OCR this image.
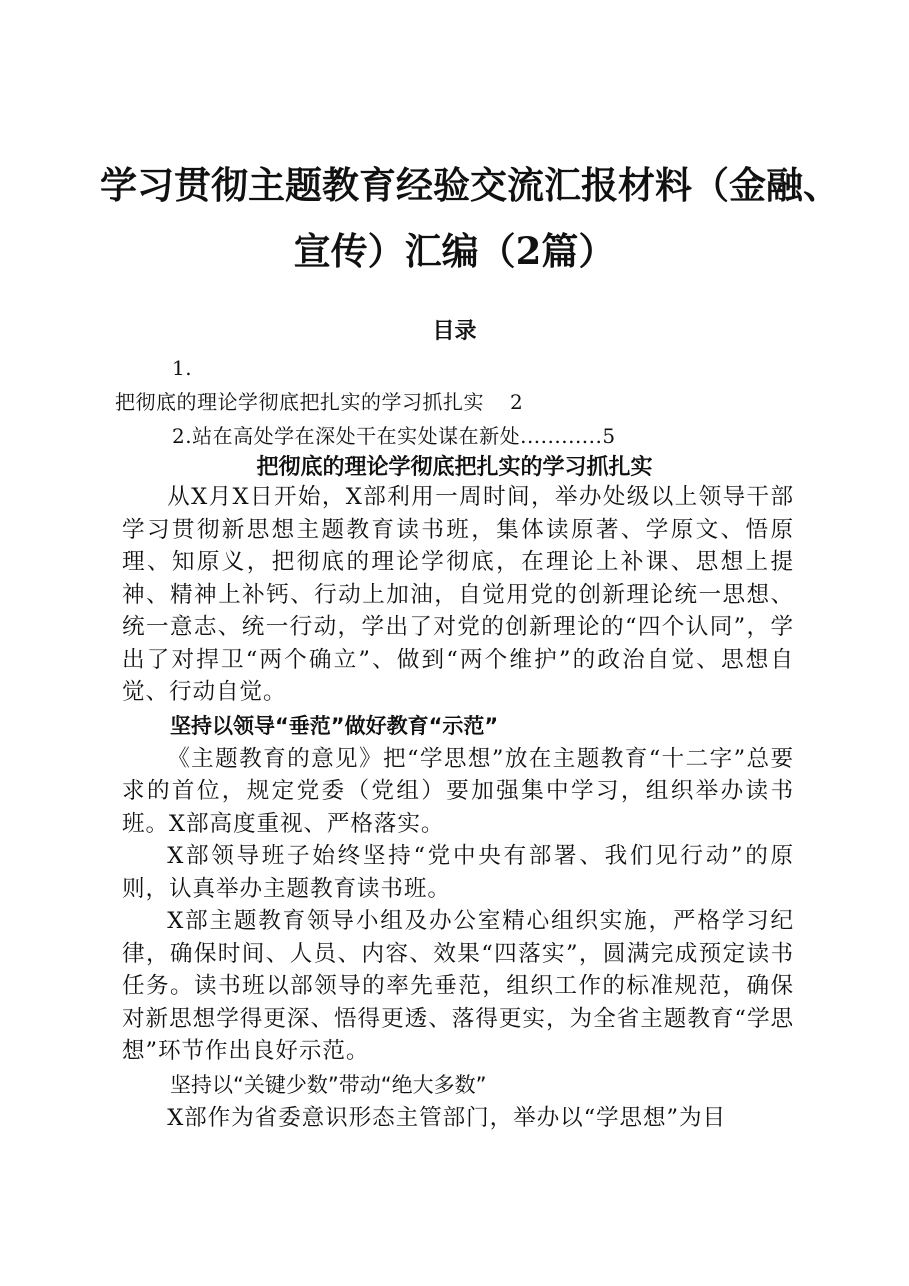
学习贯彻主题教育经验交流汇报材料（金融、
宣传）汇编（2篇）
目录
1.
把彻底的理论学彻底把扎实的学习抓扎实 2
2.站在高处学在深处干在实处谋在新处............5
把彻底的理论学彻底把扎实的学习抓扎实

从X月X日开始，X部利用一周时间，举办处级以上领导干部学习贯彻新思想主题教育读书班，集体读原著、学原文、悟原理、知原义，把彻底的理论学彻底，在理论上补课、思想上提神、精神上补钙、行动上加油，自觉用党的创新理论统一思想、统一意志、统一行动，学出了对党的创新理论的“四个认同”，学出了对捍卫“两个确立”、做到“两个维护”的政治自觉、思想自觉、行动自觉。

坚持以领导“垂范”做好教育“示范”

《主题教育的意见》把“学思想”放在主题教育“十二字”总要求的首位，规定党委（党组）要加强集中学习，组织举办读书班。X部高度重视、严格落实。

X部领导班子始终坚持“党中央有部署、我们见行动”的原则，认真举办主题教育读书班。

X部主题教育领导小组及办公室精心组织实施，严格学习纪律，确保时间、人员、内容、效果“四落实”，圆满完成预定读书任务。读书班以部领导的率先垂范，组织工作的标准规范，确保对新思想学得更深、悟得更透、落得更实，为全省主题教育“学思想”环节作出良好示范。

坚持以“关键少数”带动“绝大多数”

X部作为省委意识形态主管部门，举办以“学思想”为目
